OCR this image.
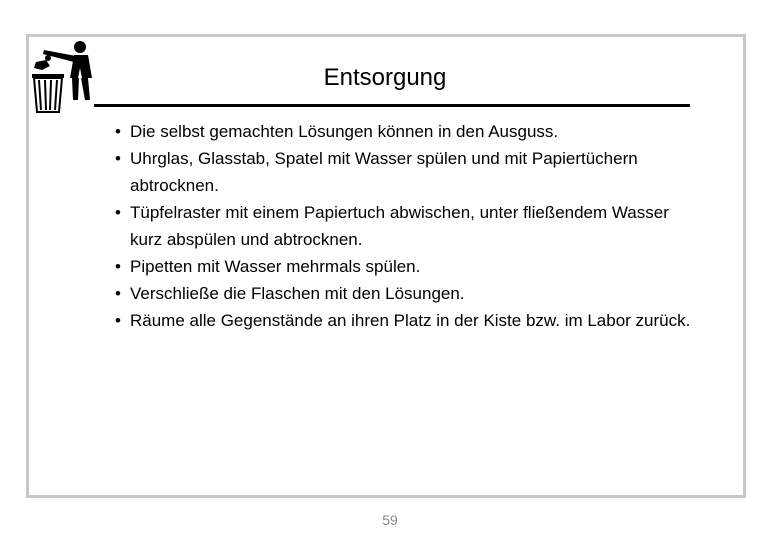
Entsorgung
• Die selbst gemachten Lösungen können in den Ausguss.
• Uhrglas, Glasstab, Spatel mit Wasser spülen und mit Papiertüchern abtrocknen.
• Tüpfelraster mit einem Papiertuch abwischen, unter fließendem Wasser kurz abspülen und abtrocknen.
• Pipetten mit Wasser mehrmals spülen.
• Verschließe die Flaschen mit den Lösungen.
• Räume alle Gegenstände an ihren Platz in der Kiste bzw. im Labor zurück.
59
